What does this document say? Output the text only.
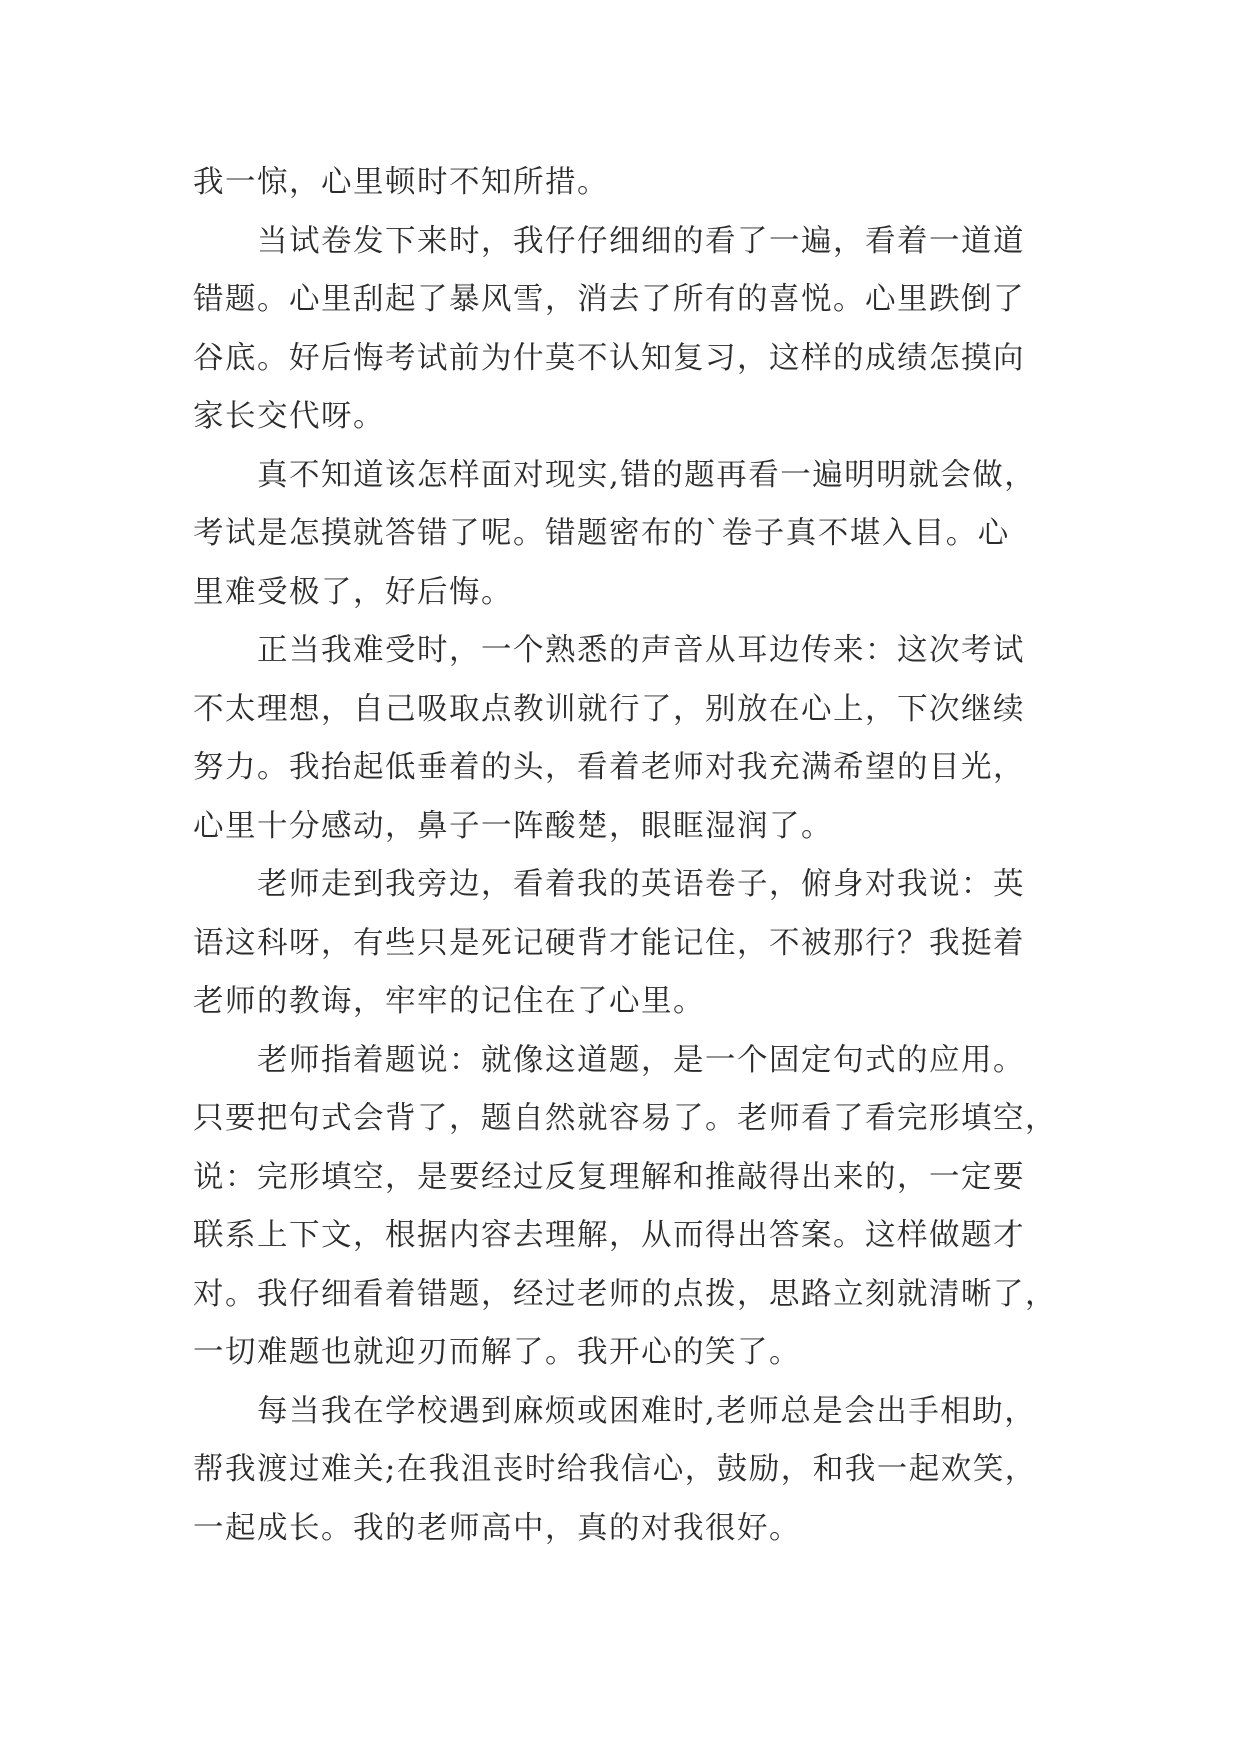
我一惊，心里顿时不知所措。
当试卷发下来时，我仔仔细细的看了一遍，看着一道道
错题。心里刮起了暴风雪，消去了所有的喜悦。心里跌倒了
谷底。好后悔考试前为什莫不认知复习，这样的成绩怎摸向
家长交代呀。
真不知道该怎样面对现实,错的题再看一遍明明就会做，
考试是怎摸就答错了呢。错题密布的`卷子真不堪入目。心
里难受极了，好后悔。
正当我难受时，一个熟悉的声音从耳边传来：这次考试
不太理想，自己吸取点教训就行了，别放在心上，下次继续
努力。我抬起低垂着的头，看着老师对我充满希望的目光，
心里十分感动，鼻子一阵酸楚，眼眶湿润了。
老师走到我旁边，看着我的英语卷子，俯身对我说：英
语这科呀，有些只是死记硬背才能记住，不被那行？我挺着
老师的教诲，牢牢的记住在了心里。
老师指着题说：就像这道题，是一个固定句式的应用。
只要把句式会背了，题自然就容易了。老师看了看完形填空，
说：完形填空，是要经过反复理解和推敲得出来的，一定要
联系上下文，根据内容去理解，从而得出答案。这样做题才
对。我仔细看着错题，经过老师的点拨，思路立刻就清晰了，
一切难题也就迎刃而解了。我开心的笑了。
每当我在学校遇到麻烦或困难时,老师总是会出手相助，
帮我渡过难关;在我沮丧时给我信心，鼓励，和我一起欢笑，
一起成长。我的老师高中，真的对我很好。
